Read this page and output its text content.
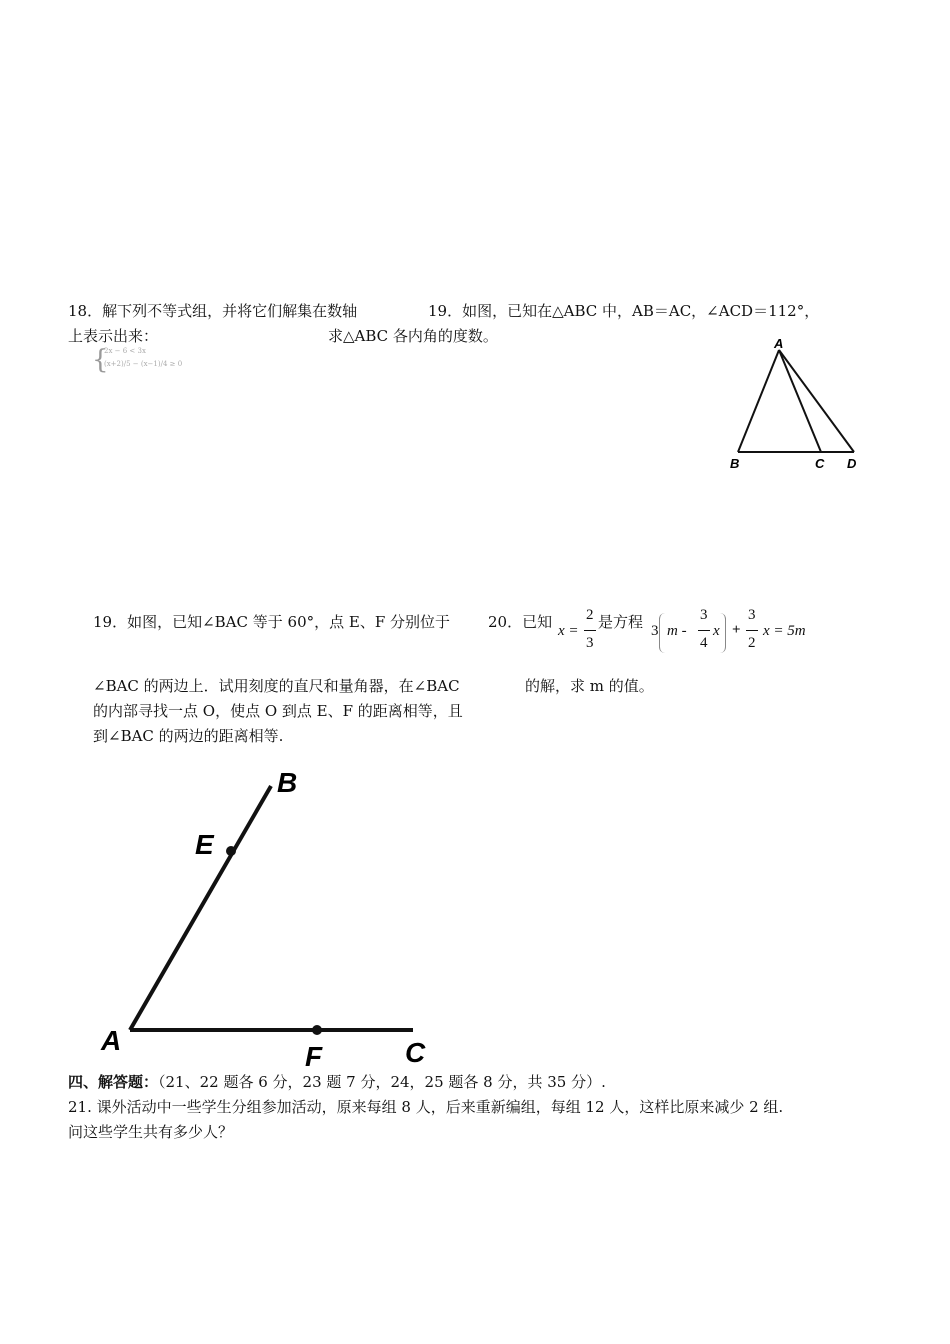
18．解下列不等式组，并将它们解集在数轴
上表示出来：
{
2x − 6 < 3x
(x+2)/5 − (x−1)/4 ≥ 0
19．如图，已知在△ABC 中，AB＝AC，∠ACD＝112°，
求△ABC 各内角的度数。	A
B	C D
19．如图，已知∠BAC 等于 60°，点 E、F 分别位于
∠BAC 的两边上．试用刻度的直尺和量角器，在∠BAC
的内部寻找一点 O，使点 O 到点 E、F 的距离相等，且
到∠BAC 的两边的距离相等.
B
E
A
F	C
20．已知 x =
2
3
是方程 3 m -
3
4
x +
3
2
x = 5m
的解，求 m 的值。
四、解答题：（21、22 题各 6 分，23 题 7 分，24，25 题各 8 分，共 35 分）.
21. 课外活动中一些学生分组参加活动，原来每组 8 人，后来重新编组，每组 12 人，这样比原来减少 2 组.
问这些学生共有多少人？
